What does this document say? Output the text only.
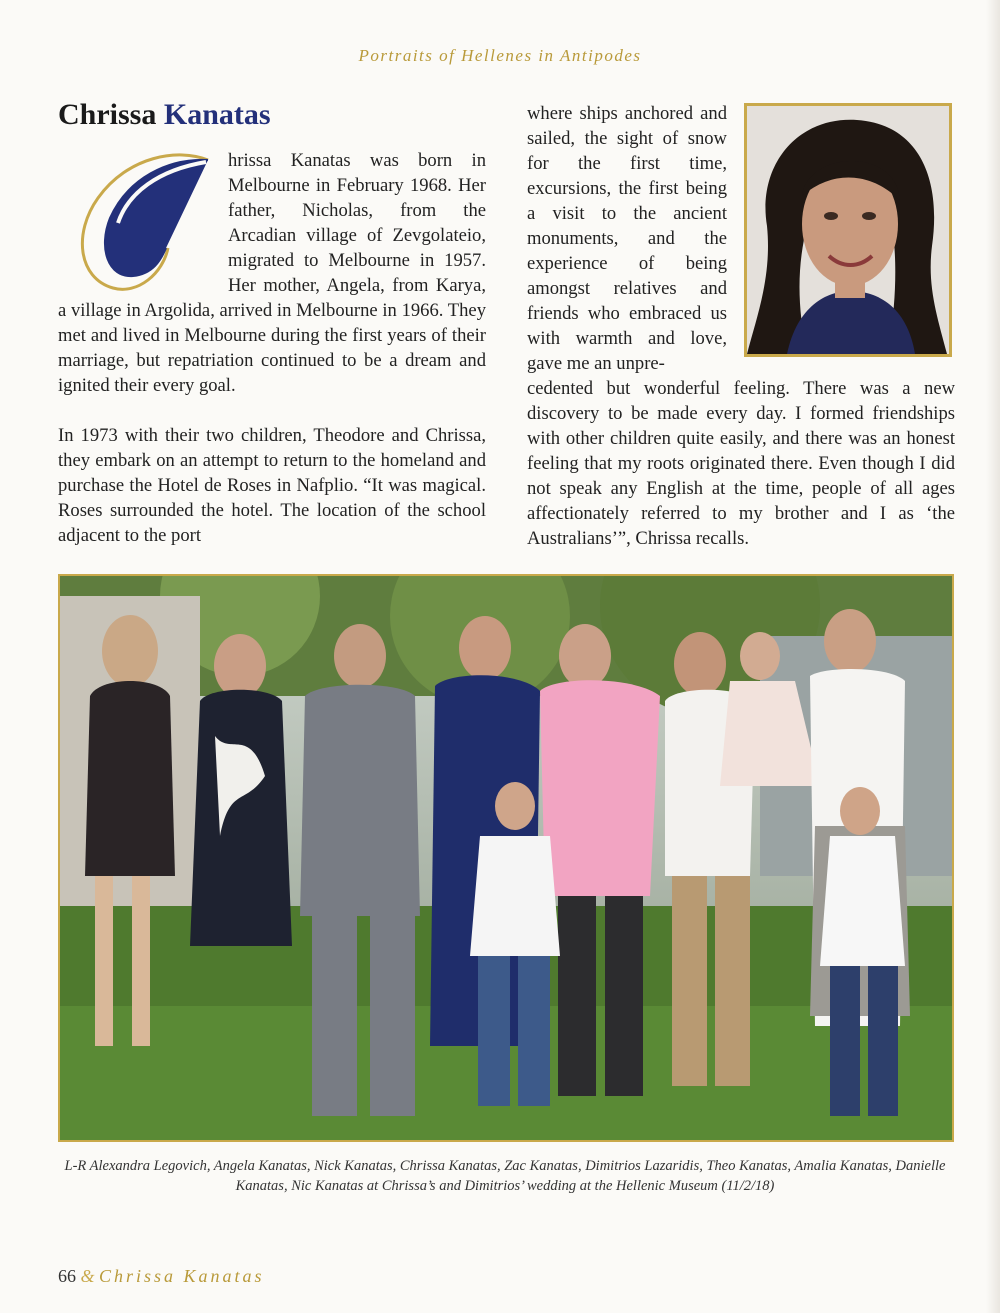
Portraits of Hellenes in Antipodes
Chrissa Kanatas

hrissa Kanatas was born in Melbourne in February 1968. Her father, Nicholas, from the Arcadian village of Zevgolateio, migrated to Melbourne in 1957. Her mother, Angela, from Karya, a village in Argolida, arrived in Melbourne in 1966. They met and lived in Melbourne during the first years of their marriage, but repatriation continued to be a dream and ignited their every goal.

In 1973 with their two children, Theodore and Chrissa, they embark on an attempt to return to the homeland and purchase the Hotel de Roses in Nafplio. “It was magical. Roses surrounded the hotel. The location of the school adjacent to the port

where ships anchored and sailed, the sight of snow for the first time, excursions, the first being a visit to the ancient monuments, and the experience of being amongst relatives and friends who embraced us with warmth and love, gave me an unpre-

cedented but wonderful feeling. There was a new discovery to be made every day. I formed friendships with other children quite easily, and there was an honest feeling that my roots originated there. Even though I did not speak any English at the time, people of all ages affectionately referred to my brother and I as ‘the Australians’”, Chrissa recalls.

L-R Alexandra Legovich, Angela Kanatas, Nick Kanatas, Chrissa Kanatas, Zac Kanatas, Dimitrios Lazaridis, Theo Kanatas, Amalia Kanatas, Danielle Kanatas, Nic Kanatas at Chrissa’s and Dimitrios’ wedding at the Hellenic Museum (11/2/18)
66 & Chrissa Kanatas
